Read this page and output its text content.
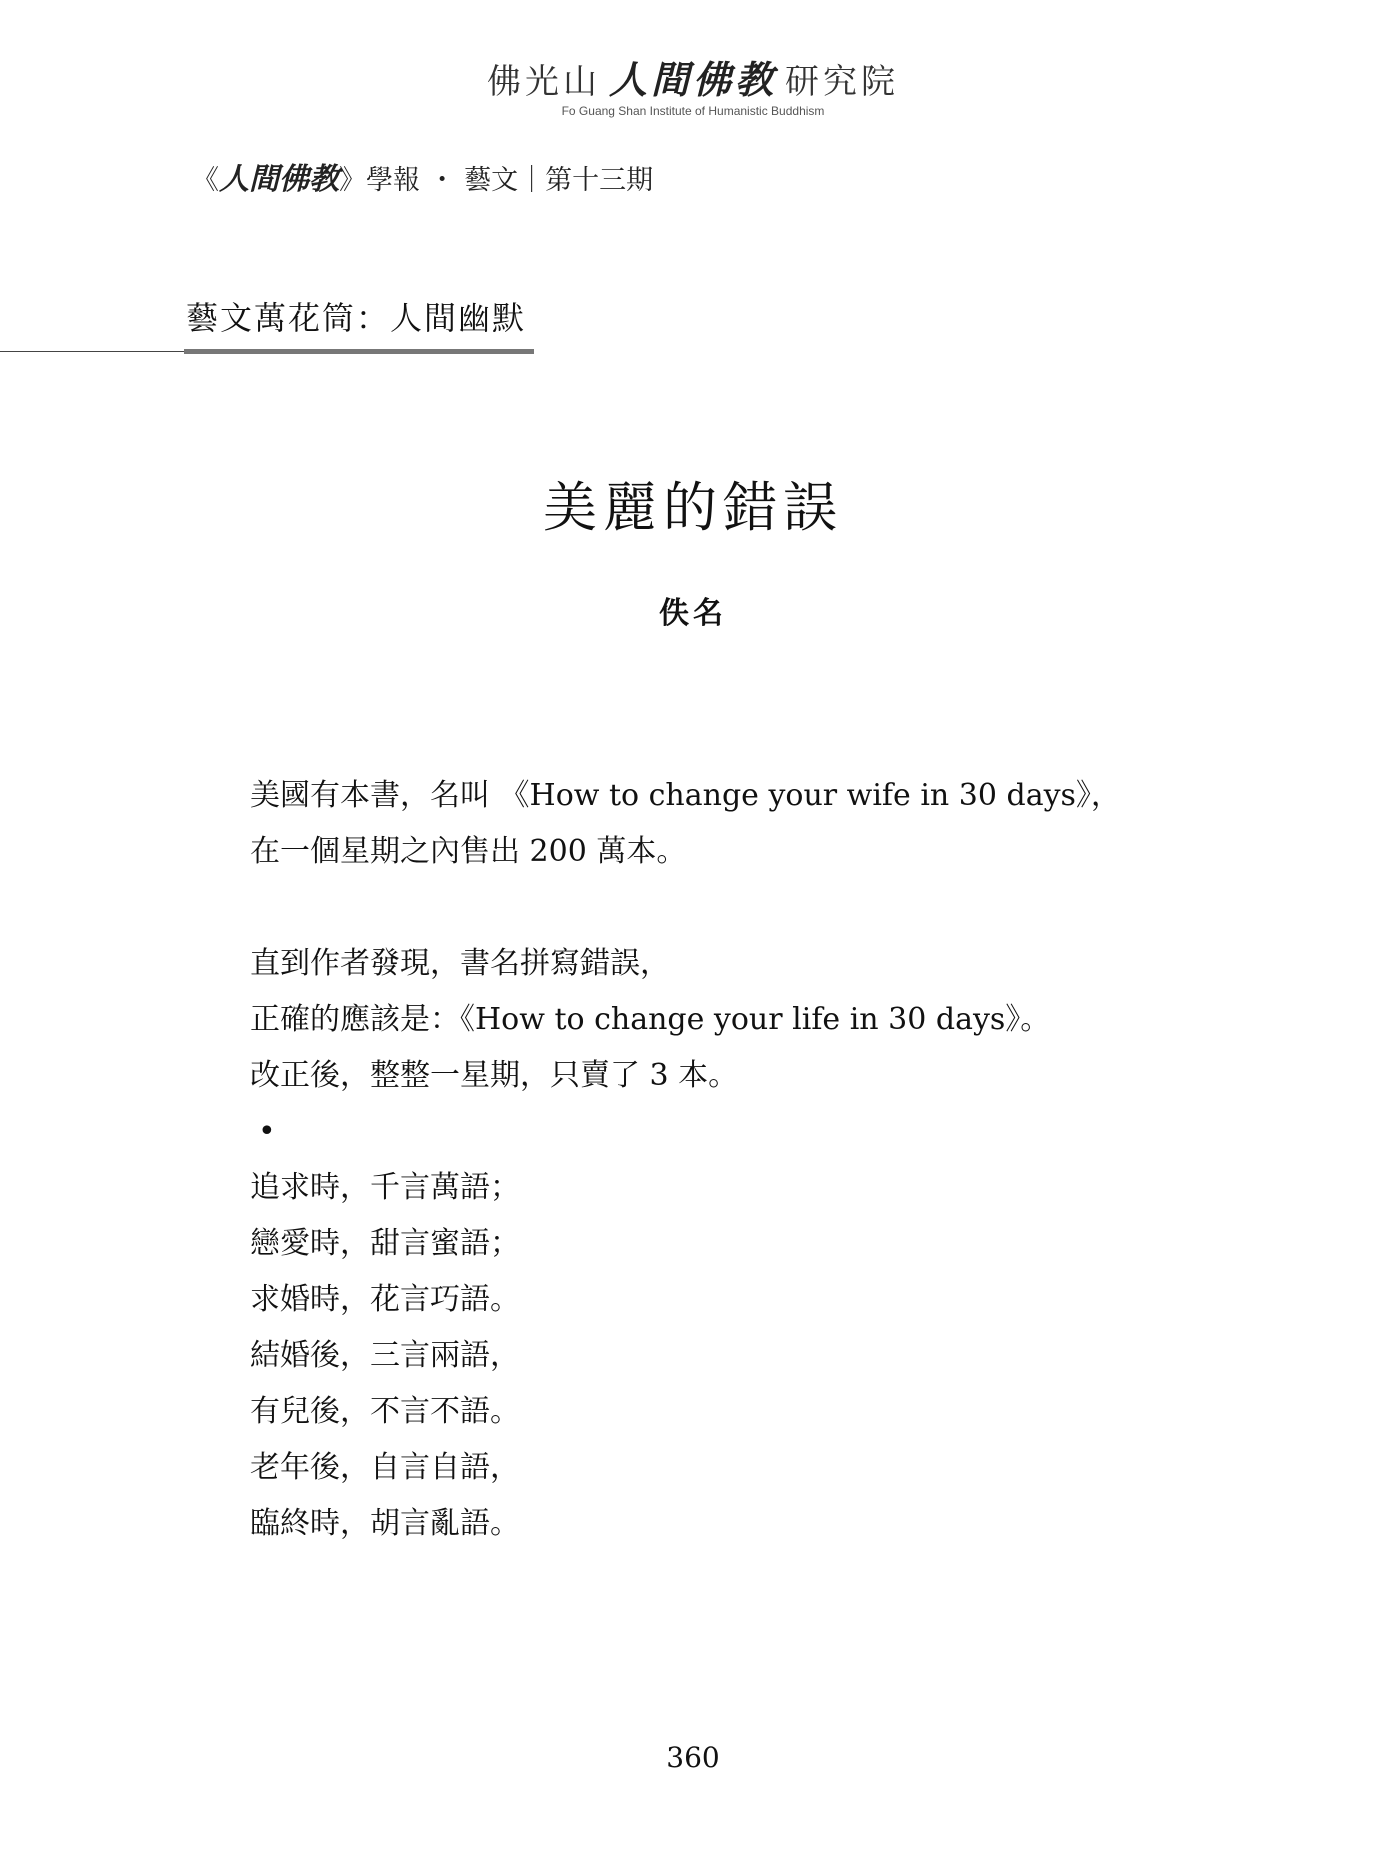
佛光山 人間佛教 研究院
Fo Guang Shan Institute of Humanistic Buddhism
《人間佛教》學報 ・ 藝文｜第十三期
藝文萬花筒：人間幽默
美麗的錯誤
佚名
美國有本書，名叫 《How to change your wife in 30 days》，
在一個星期之內售出 200 萬本。
直到作者發現，書名拼寫錯誤，
正確的應該是：《How to change your life in 30 days》。
改正後，整整一星期，只賣了 3 本。
•
追求時，千言萬語；
戀愛時，甜言蜜語；
求婚時，花言巧語。
結婚後，三言兩語，
有兒後，不言不語。
老年後，自言自語，
臨終時，胡言亂語。
360
